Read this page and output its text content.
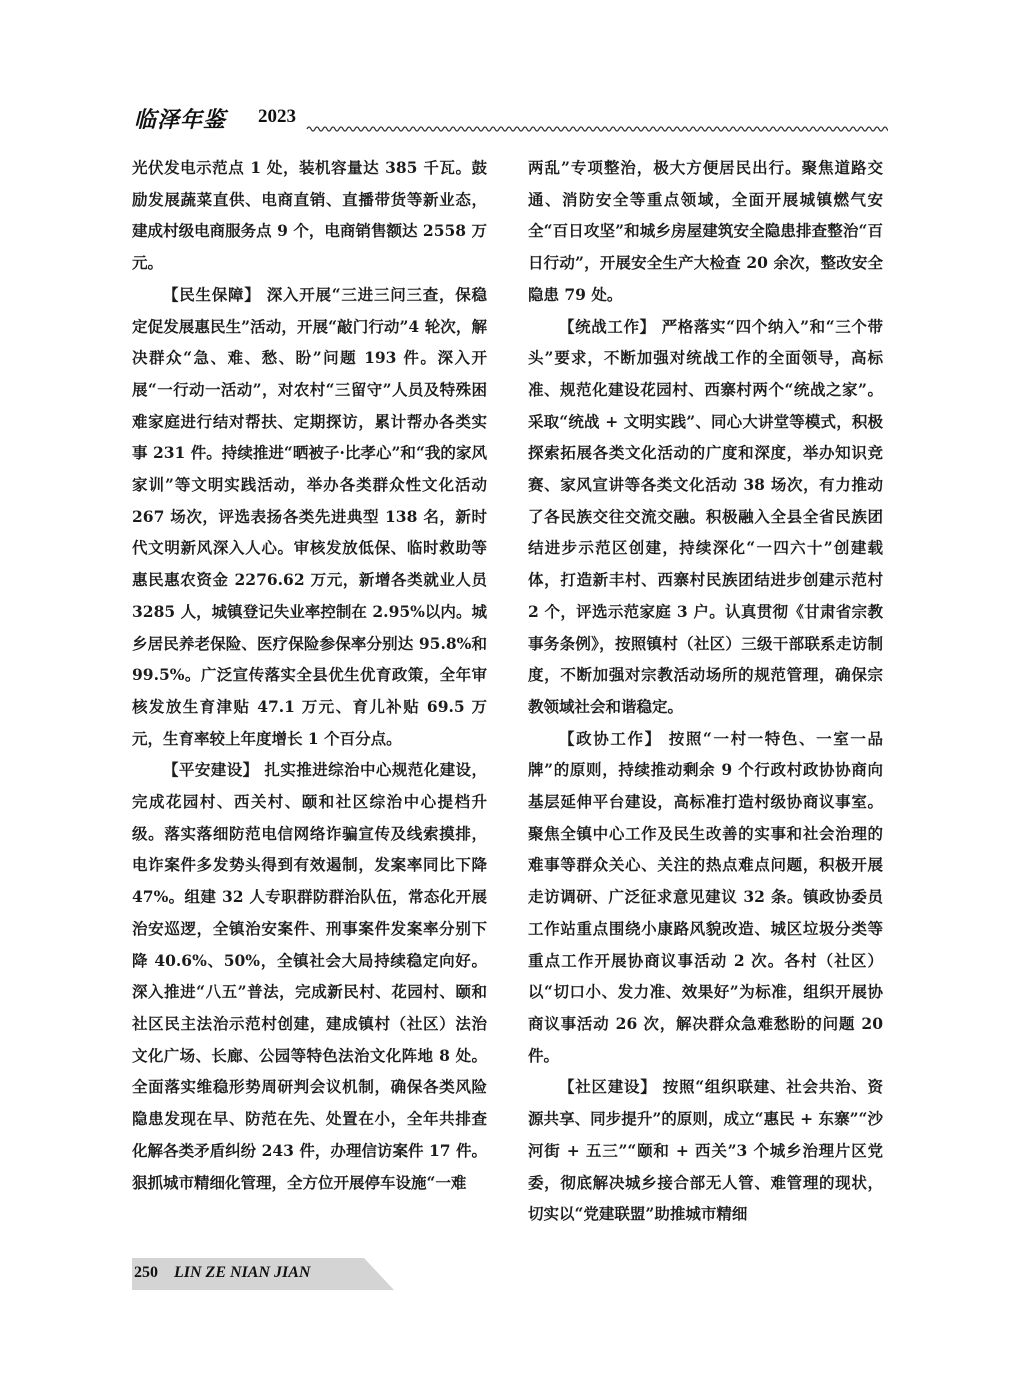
临泽年鉴 2023

光伏发电示范点 1 处，装机容量达 385 千瓦。鼓励发展蔬菜直供、电商直销、直播带货等新业态，建成村级电商服务点 9 个，电商销售额达 2558 万元。

【民生保障】 深入开展“三进三问三查，保稳定促发展惠民生”活动，开展“敲门行动”4 轮次，解决群众“急、难、愁、盼”问题 193 件。深入开展“一行动一活动”，对农村“三留守”人员及特殊困难家庭进行结对帮扶、定期探访，累计帮办各类实事 231 件。持续推进“晒被子·比孝心”和“我的家风家训”等文明实践活动，举办各类群众性文化活动 267 场次，评选表扬各类先进典型 138 名，新时代文明新风深入人心。审核发放低保、临时救助等惠民惠农资金 2276.62 万元，新增各类就业人员 3285 人，城镇登记失业率控制在 2.95%以内。城乡居民养老保险、医疗保险参保率分别达 95.8%和 99.5%。广泛宣传落实全县优生优育政策，全年审核发放生育津贴 47.1 万元、育儿补贴 69.5 万元，生育率较上年度增长 1 个百分点。

【平安建设】 扎实推进综治中心规范化建设，完成花园村、西关村、颐和社区综治中心提档升级。落实落细防范电信网络诈骗宣传及线索摸排，电诈案件多发势头得到有效遏制，发案率同比下降 47%。组建 32 人专职群防群治队伍，常态化开展治安巡逻，全镇治安案件、刑事案件发案率分别下降 40.6%、50%，全镇社会大局持续稳定向好。深入推进“八五”普法，完成新民村、花园村、颐和社区民主法治示范村创建，建成镇村（社区）法治文化广场、长廊、公园等特色法治文化阵地 8 处。全面落实维稳形势周研判会议机制，确保各类风险隐患发现在早、防范在先、处置在小，全年共排查化解各类矛盾纠纷 243 件，办理信访案件 17 件。狠抓城市精细化管理，全方位开展停车设施“一难

两乱”专项整治，极大方便居民出行。聚焦道路交通、消防安全等重点领域，全面开展城镇燃气安全“百日攻坚”和城乡房屋建筑安全隐患排查整治“百日行动”，开展安全生产大检查 20 余次，整改安全隐患 79 处。

【统战工作】 严格落实“四个纳入”和“三个带头”要求，不断加强对统战工作的全面领导，高标准、规范化建设花园村、西寨村两个“统战之家”。采取“统战 + 文明实践”、同心大讲堂等模式，积极探索拓展各类文化活动的广度和深度，举办知识竞赛、家风宣讲等各类文化活动 38 场次，有力推动了各民族交往交流交融。积极融入全县全省民族团结进步示范区创建，持续深化“一四六十”创建载体，打造新丰村、西寨村民族团结进步创建示范村 2 个，评选示范家庭 3 户。认真贯彻《甘肃省宗教事务条例》，按照镇村（社区）三级干部联系走访制度，不断加强对宗教活动场所的规范管理，确保宗教领域社会和谐稳定。

【政协工作】 按照“一村一特色、一室一品牌”的原则，持续推动剩余 9 个行政村政协协商向基层延伸平台建设，高标准打造村级协商议事室。聚焦全镇中心工作及民生改善的实事和社会治理的难事等群众关心、关注的热点难点问题，积极开展走访调研、广泛征求意见建议 32 条。镇政协委员工作站重点围绕小康路风貌改造、城区垃圾分类等重点工作开展协商议事活动 2 次。各村（社区）以“切口小、发力准、效果好”为标准，组织开展协商议事活动 26 次，解决群众急难愁盼的问题 20 件。

【社区建设】 按照“组织联建、社会共治、资源共享、同步提升”的原则，成立“惠民 + 东寨”“沙河街 + 五三”“颐和 + 西关”3 个城乡治理片区党委，彻底解决城乡接合部无人管、难管理的现状，切实以“党建联盟”助推城市精细

250 LIN ZE NIAN JIAN
